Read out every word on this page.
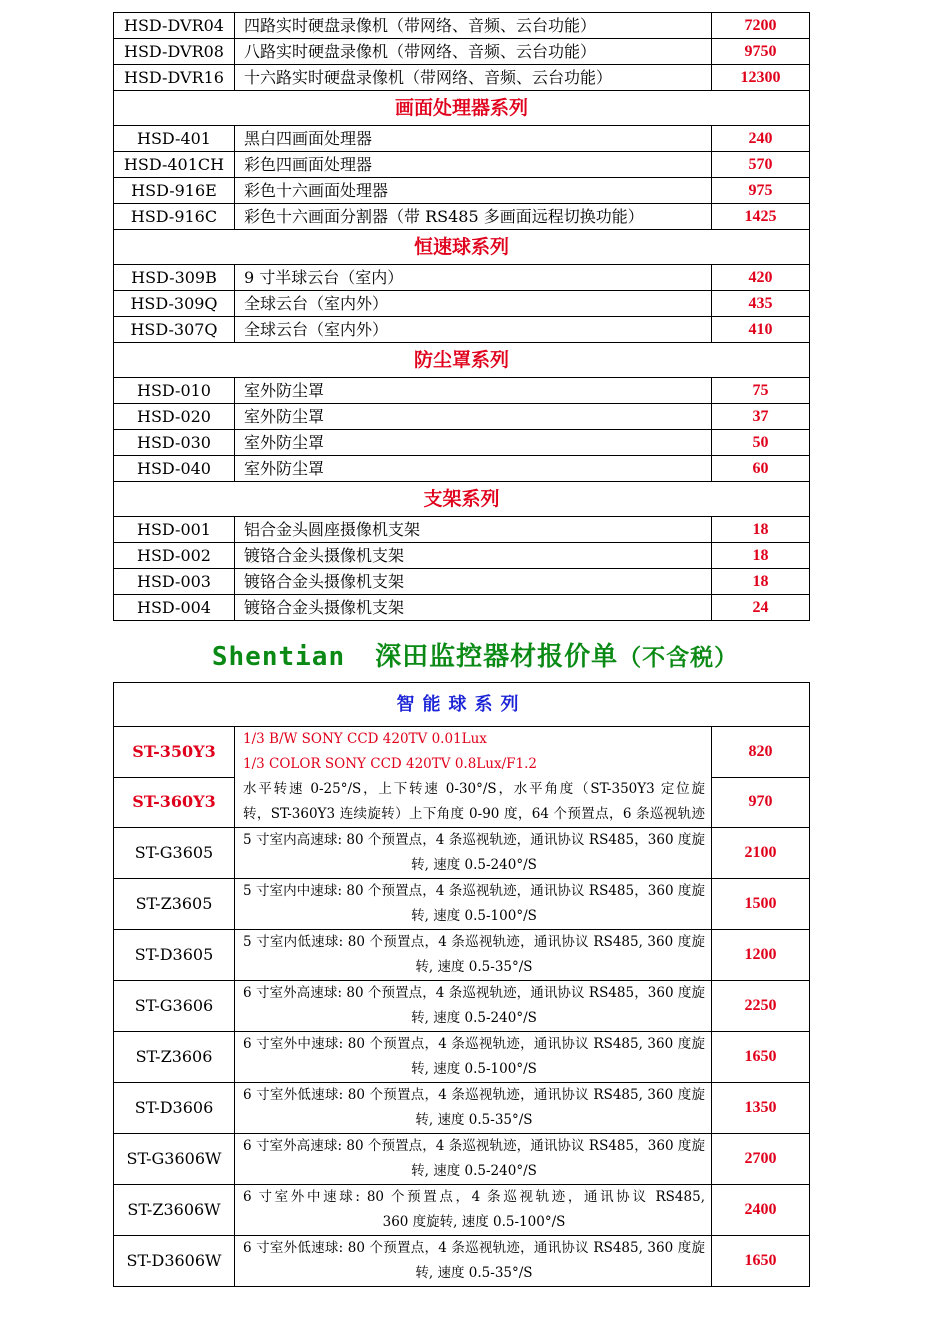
HSD-DVR04	四路实时硬盘录像机（带网络、音频、云台功能）	7200
HSD-DVR08	八路实时硬盘录像机（带网络、音频、云台功能）	9750
HSD-DVR16	十六路实时硬盘录像机（带网络、音频、云台功能）	12300
画面处理器系列		
HSD-401	黑白四画面处理器	240
HSD-401CH	彩色四画面处理器	570
HSD-916E	彩色十六画面处理器	975
HSD-916C	彩色十六画面分割器（带 RS485 多画面远程切换功能）	1425
恒速球系列		
HSD-309B	9 寸半球云台（室内）	420
HSD-309Q	全球云台（室内外）	435
HSD-307Q	全球云台（室内外）	410
防尘罩系列		
HSD-010	室外防尘罩	75
HSD-020	室外防尘罩	37
HSD-030	室外防尘罩	50
HSD-040	室外防尘罩	60
支架系列		
HSD-001	铝合金头圆座摄像机支架	18
HSD-002	镀铬合金头摄像机支架	18
HSD-003	镀铬合金头摄像机支架	18
HSD-004	镀铬合金头摄像机支架	24
Shentian 深田监控器材报价单（不含税）
智能球系列		
ST-350Y3	1/3 B/W SONY CCD 420TV 0.01Lux
1/3 COLOR SONY CCD 420TV 0.8Lux/F1.2
水平转速 0-25°/S，上下转速 0-30°/S，水平角度（ST-350Y3 定位旋
转，ST-360Y3 连续旋转）上下角度 0-90 度，64 个预置点，6 条巡视轨迹	820
ST-360Y3		970
ST-G3605	5 寸室内高速球: 80 个预置点，4 条巡视轨迹，通讯协议 RS485，360 度旋
转, 速度 0.5-240°/S	2100
ST-Z3605	5 寸室内中速球: 80 个预置点，4 条巡视轨迹，通讯协议 RS485，360 度旋
转, 速度 0.5-100°/S	1500
ST-D3605	5 寸室内低速球: 80 个预置点，4 条巡视轨迹，通讯协议 RS485, 360 度旋
转, 速度 0.5-35°/S	1200
ST-G3606	6 寸室外高速球: 80 个预置点，4 条巡视轨迹，通讯协议 RS485，360 度旋
转, 速度 0.5-240°/S	2250
ST-Z3606	6 寸室外中速球: 80 个预置点，4 条巡视轨迹，通讯协议 RS485, 360 度旋
转, 速度 0.5-100°/S	1650
ST-D3606	6 寸室外低速球: 80 个预置点，4 条巡视轨迹，通讯协议 RS485, 360 度旋
转, 速度 0.5-35°/S	1350
ST-G3606W	6 寸室外高速球: 80 个预置点，4 条巡视轨迹，通讯协议 RS485，360 度旋
转, 速度 0.5-240°/S	2700
ST-Z3606W	6 寸室外中速球: 80 个预置点，4 条巡视轨迹，通讯协议 RS485,
360 度旋转, 速度 0.5-100°/S	2400
ST-D3606W	6 寸室外低速球: 80 个预置点，4 条巡视轨迹，通讯协议 RS485, 360 度旋
转, 速度 0.5-35°/S	1650
